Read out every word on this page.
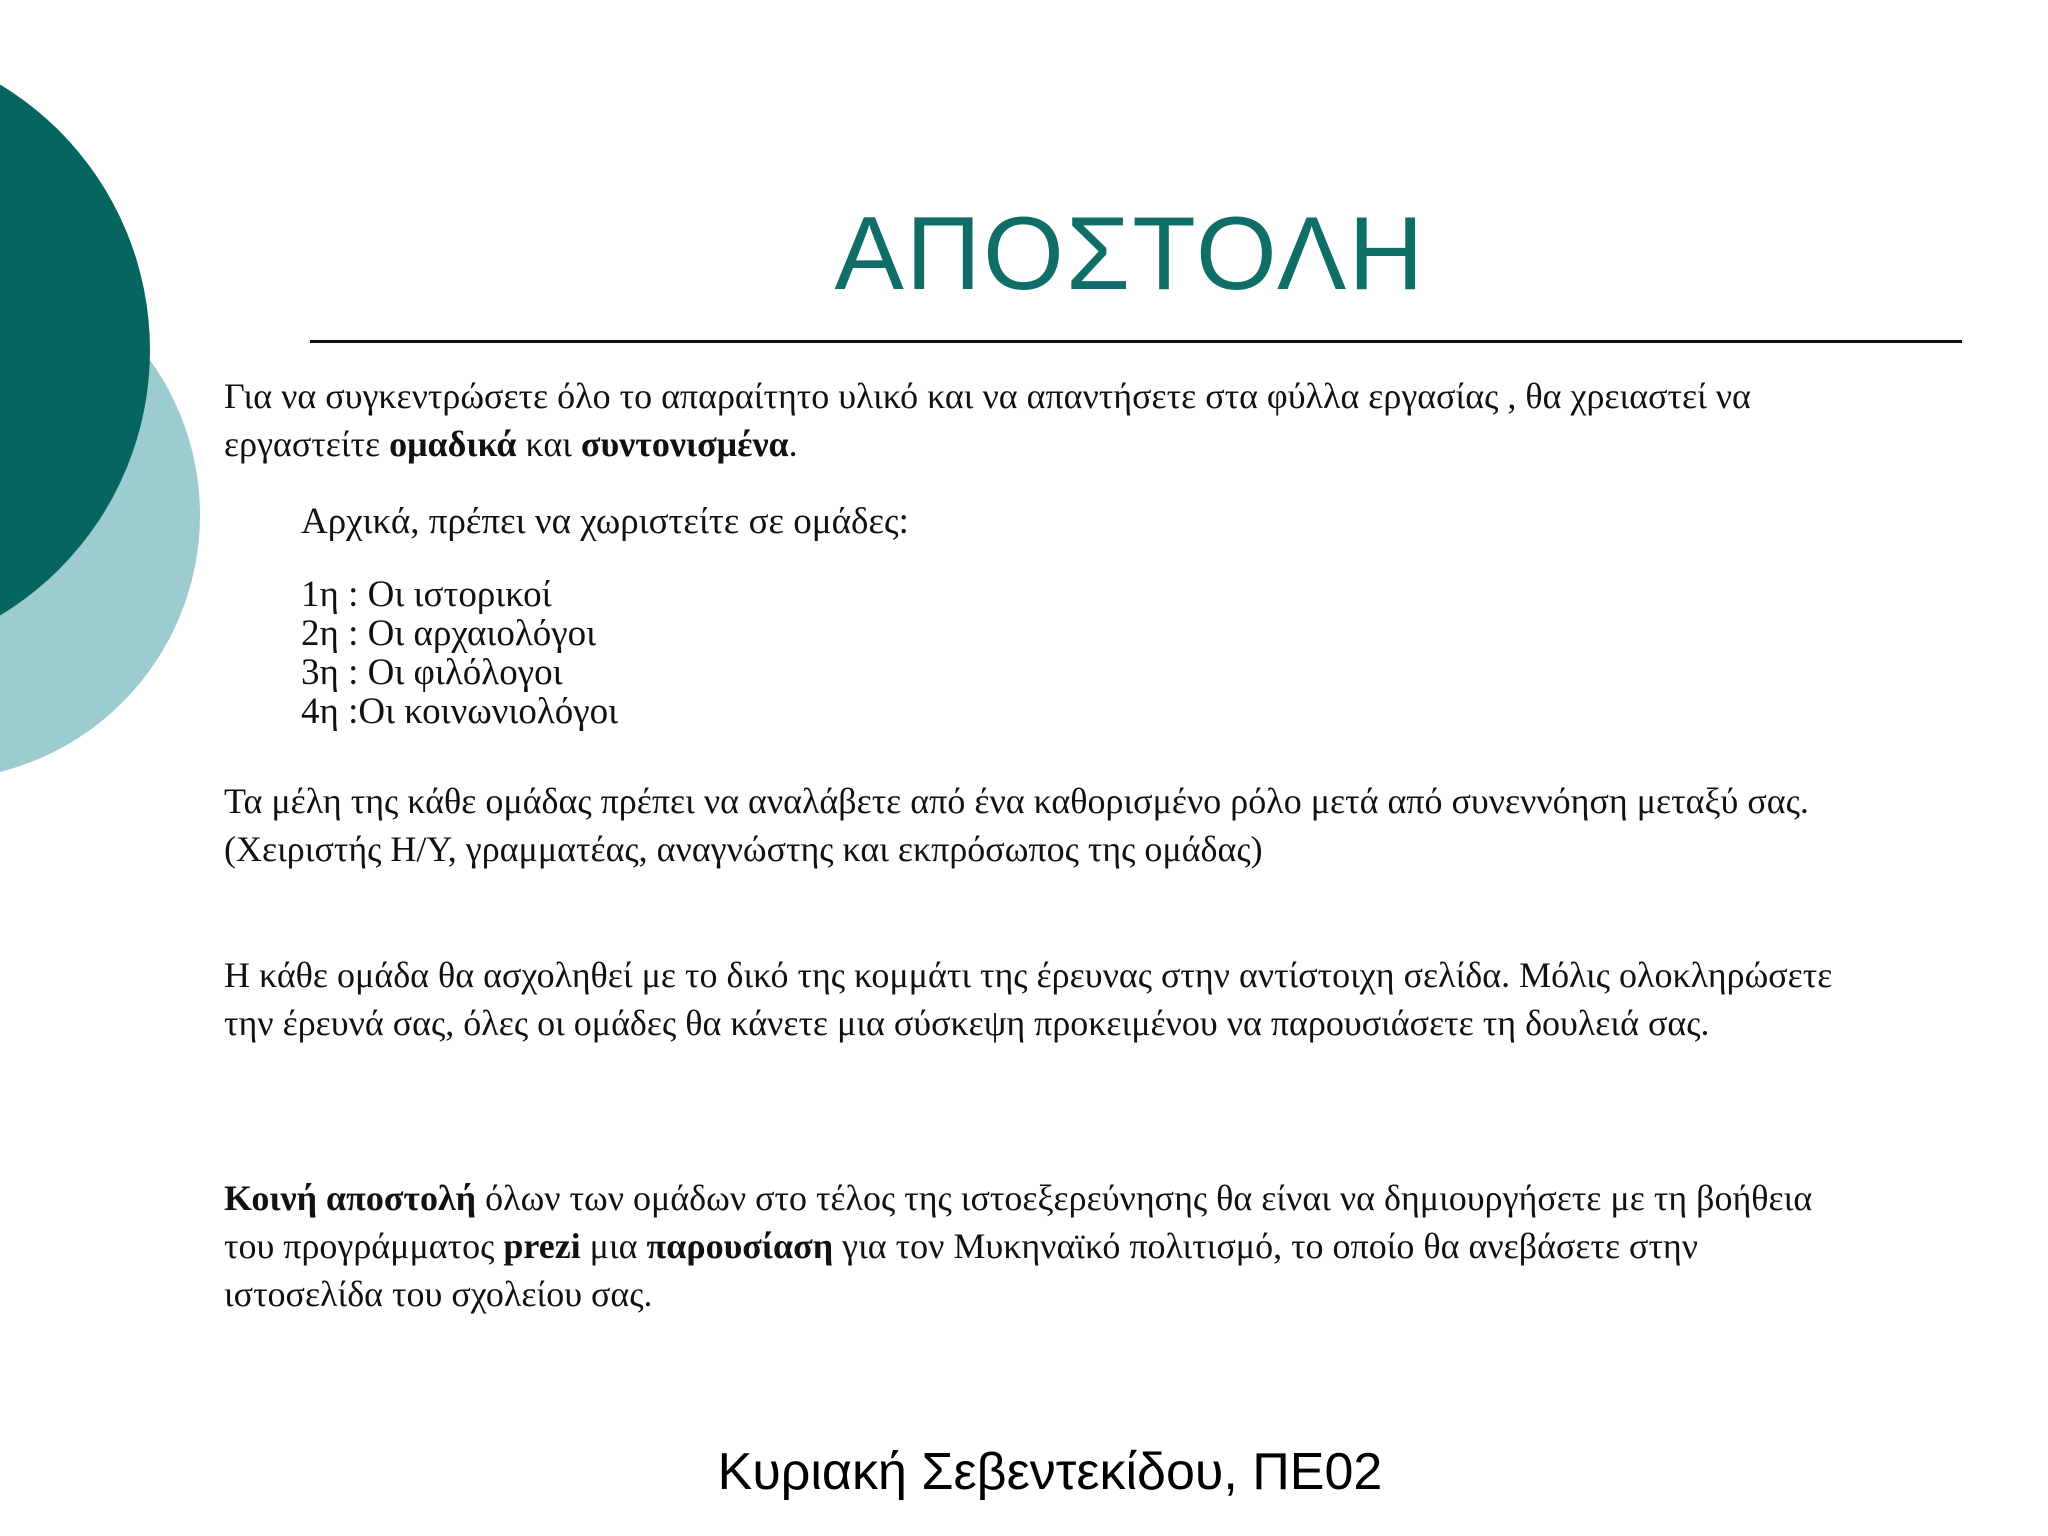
ΑΠΟΣΤΟΛΗ

Για να συγκεντρώσετε όλο το απαραίτητο υλικό και να απαντήσετε στα φύλλα εργασίας , θα χρειαστεί να εργαστείτε ομαδικά και συντονισμένα.

Αρχικά, πρέπει να χωριστείτε σε ομάδες:

1η : Οι ιστορικοί
2η : Οι αρχαιολόγοι
3η : Οι φιλόλογοι
4η :Οι κοινωνιολόγοι

Τα μέλη της κάθε ομάδας πρέπει να αναλάβετε από ένα καθορισμένο ρόλο μετά από συνεννόηση μεταξύ σας. (Χειριστής Η/Υ, γραμματέας, αναγνώστης και εκπρόσωπος της ομάδας)

Η κάθε ομάδα θα ασχοληθεί με το δικό της κομμάτι της έρευνας στην αντίστοιχη σελίδα. Μόλις ολοκληρώσετε την έρευνά σας, όλες οι ομάδες θα κάνετε μια σύσκεψη προκειμένου να παρουσιάσετε τη δουλειά σας.

Κοινή αποστολή όλων των ομάδων στο τέλος της ιστοεξερεύνησης θα είναι να δημιουργήσετε με τη βοήθεια του προγράμματος prezi μια παρουσίαση για τον Μυκηναϊκό πολιτισμό, το οποίο θα ανεβάσετε στην ιστοσελίδα του σχολείου σας.

Κυριακή Σεβεντεκίδου, ΠΕ02
